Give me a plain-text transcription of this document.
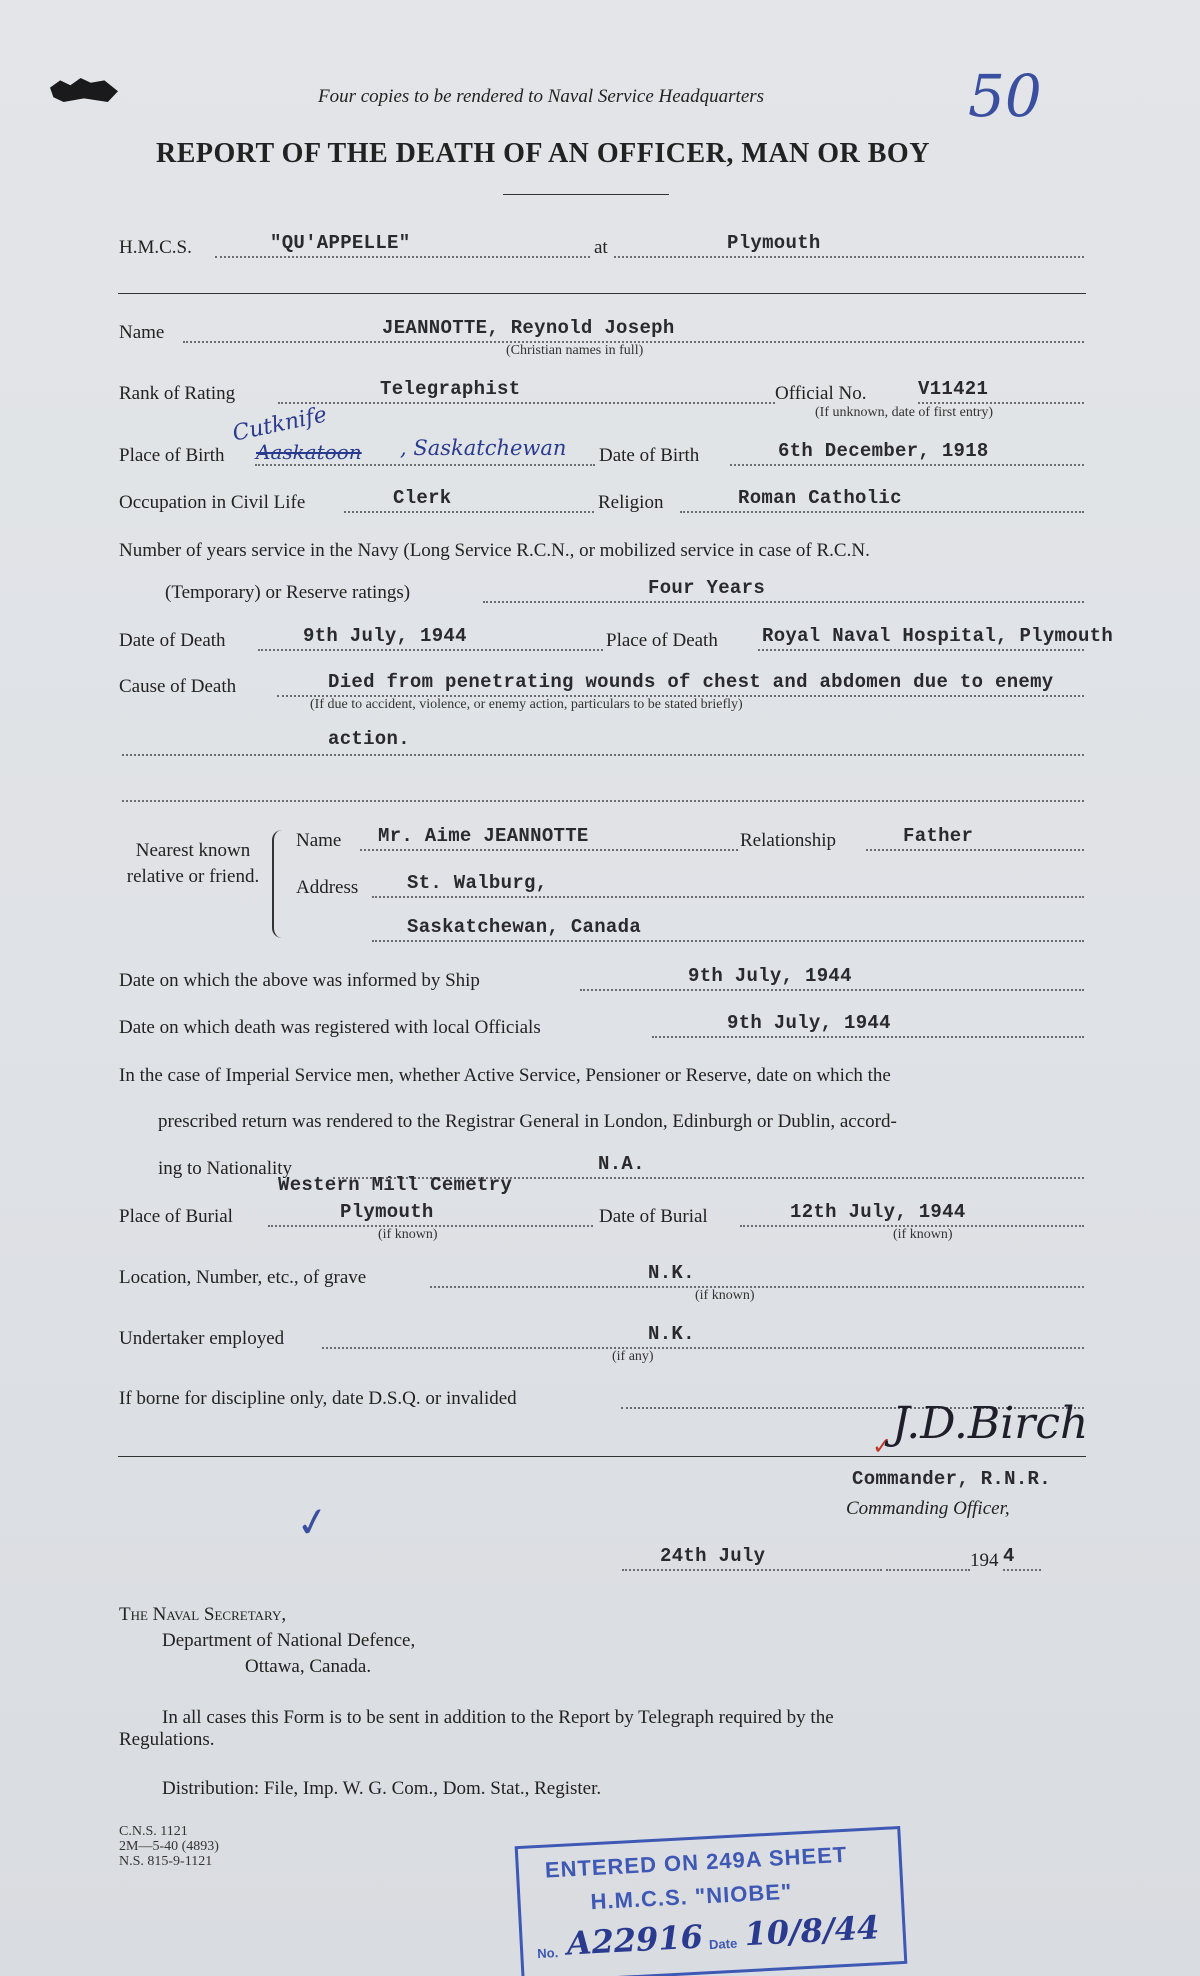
Four copies to be rendered to Naval Service Headquarters	50
REPORT OF THE DEATH OF AN OFFICER, MAN OR BOY
H.M.C.S.	"QU'APPELLE"	at	Plymouth
Name	JEANNOTTE, Reynold Joseph
(Christian names in full)
Rank of Rating	Telegraphist	Official No.	V11421
(If unknown, date of first entry)
Place of Birth
Cutknife
Aaskatoon , Saskatchewan Date of Birth	6th December, 1918
Occupation in Civil Life	Clerk	Religion	Roman Catholic
Number of years service in the Navy (Long Service R.C.N., or mobilized service in case of R.C.N.
(Temporary) or Reserve ratings)	Four Years
Date of Death	9th July, 1944	Place of Death Royal Naval Hospital, Plymouth
Cause of Death	Died from penetrating wounds of chest and abdomen due to enemy
(If due to accident, violence, or enemy action, particulars to be stated briefly)
action.
Nearest known relative or friend.
Name Mr. Aime JEANNOTTE	Relationship	Father
Address	St. Walburg,
Saskatchewan, Canada
Date on which the above was informed by Ship	9th July, 1944
Date on which death was registered with local Officials	9th July, 1944
In the case of Imperial Service men, whether Active Service, Pensioner or Reserve, date on which the
prescribed return was rendered to the Registrar General in London, Edinburgh or Dublin, accord-
ing to Nationality	N.A.
Western Mill Cemetry
Place of Burial	Plymouth
(if known)
Date of Burial	12th July, 1944
(if known)
Location, Number, etc., of grave	N.K.
(if known)
Undertaker employed	N.K.
(if any)
If borne for discipline only, date D.S.Q. or invalided
✓ J.D.Birch
Commander, R.N.R.
Commanding Officer,
✓
24th July	194 4
The Naval Secretary,
Department of National Defence,
Ottawa, Canada.
In all cases this Form is to be sent in addition to the Report by Telegraph required by the
Regulations.
Distribution: File, Imp. W. G. Com., Dom. Stat., Register.
C.N.S. 1121
2M—5-40 (4893)
N.S. 815-9-1121	ENTERED ON 249A SHEET
H.M.C.S. "NIOBE"
No. A22916 Date 10/8/44
